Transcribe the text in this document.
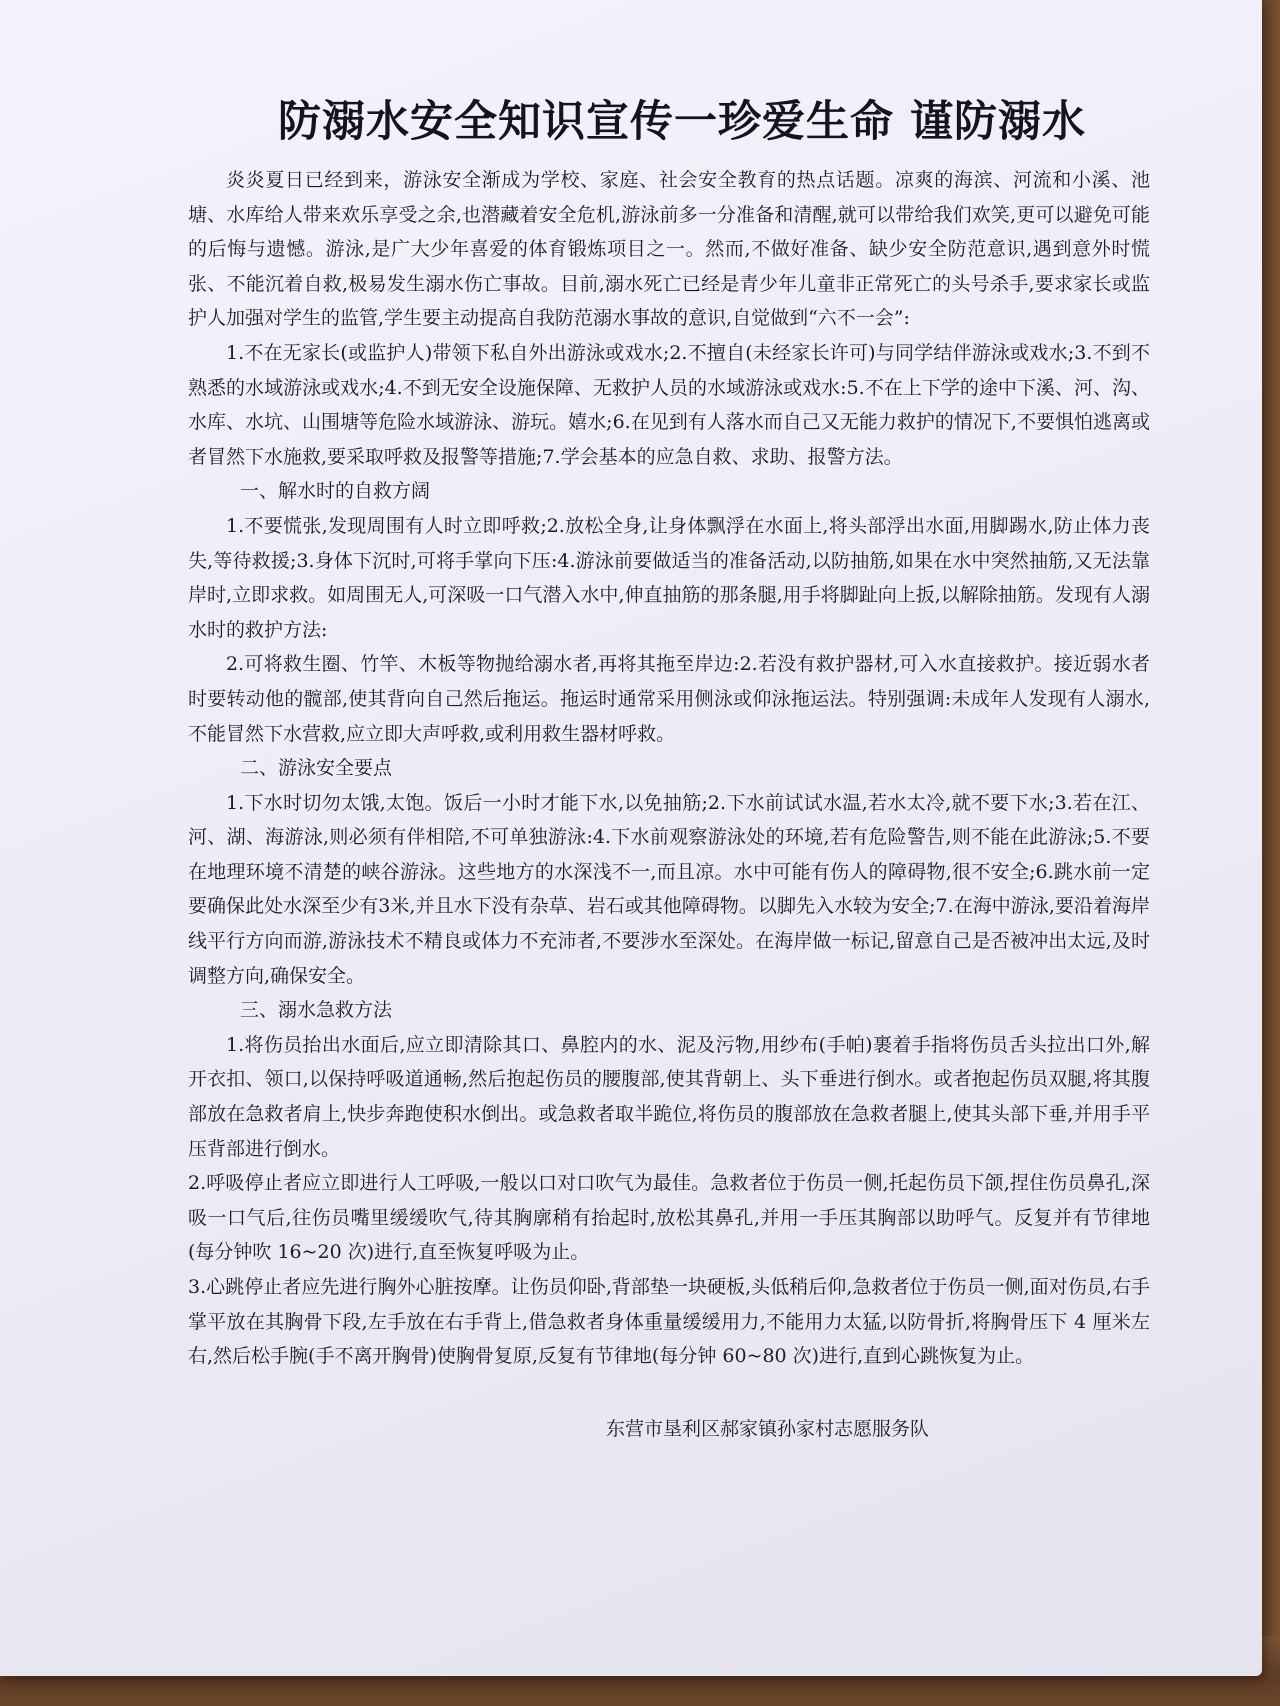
防溺水安全知识宣传一珍爱生命 谨防溺水

炎炎夏日已经到来，游泳安全渐成为学校、家庭、社会安全教育的热点话题。凉爽的海滨、河流和小溪、池塘、水库给人带来欢乐享受之余,也潜藏着安全危机,游泳前多一分准备和清醒,就可以带给我们欢笑,更可以避免可能的后悔与遗憾。游泳,是广大少年喜爱的体育锻炼项目之一。然而,不做好准备、缺少安全防范意识,遇到意外时慌张、不能沉着自救,极易发生溺水伤亡事故。目前,溺水死亡已经是青少年儿童非正常死亡的头号杀手,要求家长或监护人加强对学生的监管,学生要主动提高自我防范溺水事故的意识,自觉做到“六不一会”:

1.不在无家长(或监护人)带领下私自外出游泳或戏水;2.不擅自(未经家长许可)与同学结伴游泳或戏水;3.不到不熟悉的水域游泳或戏水;4.不到无安全设施保障、无救护人员的水域游泳或戏水:5.不在上下学的途中下溪、河、沟、水库、水坑、山围塘等危险水域游泳、游玩。嬉水;6.在见到有人落水而自己又无能力救护的情况下,不要惧怕逃离或者冒然下水施救,要采取呼救及报警等措施;7.学会基本的应急自救、求助、报警方法。

一、解水时的自救方阔

1.不要慌张,发现周围有人时立即呼救;2.放松全身,让身体飘浮在水面上,将头部浮出水面,用脚踢水,防止体力丧失,等待救援;3.身体下沉时,可将手掌向下压:4.游泳前要做适当的准备活动,以防抽筋,如果在水中突然抽筋,又无法靠岸时,立即求救。如周围无人,可深吸一口气潜入水中,伸直抽筋的那条腿,用手将脚趾向上扳,以解除抽筋。发现有人溺水时的救护方法:

2.可将救生圈、竹竿、木板等物抛给溺水者,再将其拖至岸边:2.若没有救护器材,可入水直接救护。接近弱水者时要转动他的髋部,使其背向自己然后拖运。拖运时通常采用侧泳或仰泳拖运法。特别强调:未成年人发现有人溺水,不能冒然下水营救,应立即大声呼救,或利用救生器材呼救。

二、游泳安全要点

1.下水时切勿太饿,太饱。饭后一小时才能下水,以免抽筋;2.下水前试试水温,若水太冷,就不要下水;3.若在江、河、湖、海游泳,则必须有伴相陪,不可单独游泳:4.下水前观察游泳处的环境,若有危险警告,则不能在此游泳;5.不要在地理环境不清楚的峡谷游泳。这些地方的水深浅不一,而且凉。水中可能有伤人的障碍物,很不安全;6.跳水前一定要确保此处水深至少有3米,并且水下没有杂草、岩石或其他障碍物。以脚先入水较为安全;7.在海中游泳,要沿着海岸线平行方向而游,游泳技术不精良或体力不充沛者,不要涉水至深处。在海岸做一标记,留意自己是否被冲出太远,及时调整方向,确保安全。

三、溺水急救方法

1.将伤员抬出水面后,应立即清除其口、鼻腔内的水、泥及污物,用纱布(手帕)裹着手指将伤员舌头拉出口外,解开衣扣、领口,以保持呼吸道通畅,然后抱起伤员的腰腹部,使其背朝上、头下垂进行倒水。或者抱起伤员双腿,将其腹部放在急救者肩上,快步奔跑使积水倒出。或急救者取半跪位,将伤员的腹部放在急救者腿上,使其头部下垂,并用手平压背部进行倒水。

2.呼吸停止者应立即进行人工呼吸,一般以口对口吹气为最佳。急救者位于伤员一侧,托起伤员下颌,捏住伤员鼻孔,深吸一口气后,往伤员嘴里缓缓吹气,待其胸廓稍有抬起时,放松其鼻孔,并用一手压其胸部以助呼气。反复并有节律地(每分钟吹 16~20 次)进行,直至恢复呼吸为止。

3.心跳停止者应先进行胸外心脏按摩。让伤员仰卧,背部垫一块硬板,头低稍后仰,急救者位于伤员一侧,面对伤员,右手掌平放在其胸骨下段,左手放在右手背上,借急救者身体重量缓缓用力,不能用力太猛,以防骨折,将胸骨压下 4 厘米左右,然后松手腕(手不离开胸骨)使胸骨复原,反复有节律地(每分钟 60~80 次)进行,直到心跳恢复为止。

东营市垦利区郝家镇孙家村志愿服务队
